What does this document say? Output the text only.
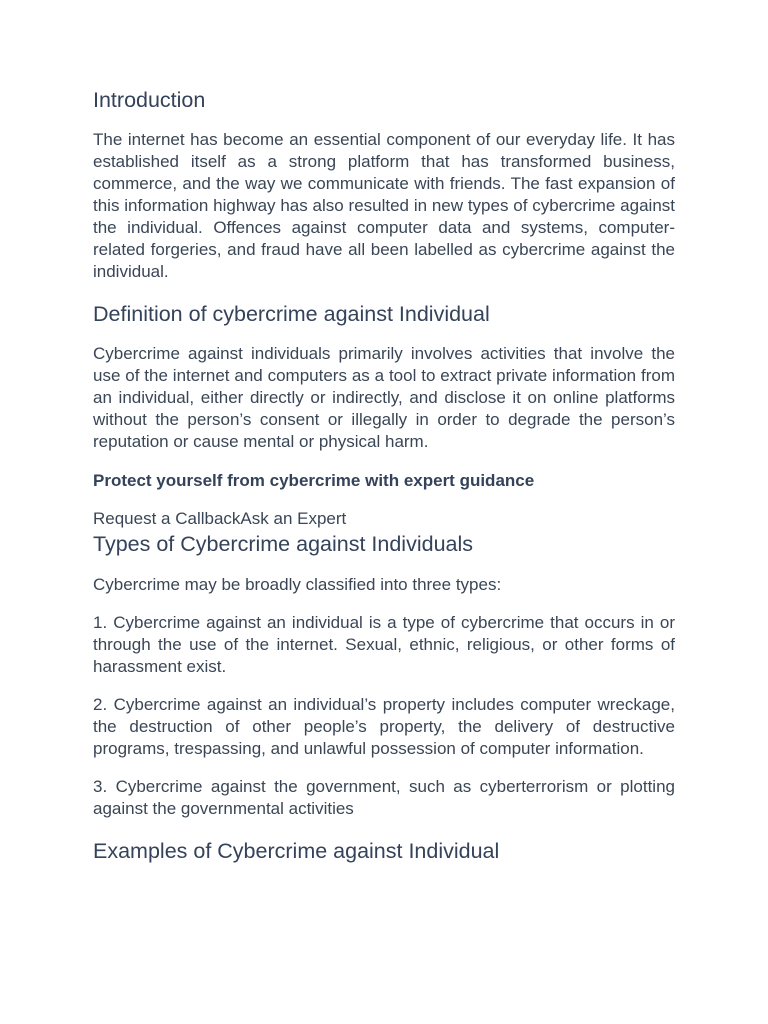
Introduction

The internet has become an essential component of our everyday life. It has established itself as a strong platform that has transformed business, commerce, and the way we communicate with friends. The fast expansion of this information highway has also resulted in new types of cybercrime against the individual. Offences against computer data and systems, computer-related forgeries, and fraud have all been labelled as cybercrime against the individual.

Definition of cybercrime against Individual

Cybercrime against individuals primarily involves activities that involve the use of the internet and computers as a tool to extract private information from an individual, either directly or indirectly, and disclose it on online platforms without the person’s consent or illegally in order to degrade the person’s reputation or cause mental or physical harm.

Protect yourself from cybercrime with expert guidance
Request a CallbackAsk an Expert
Types of Cybercrime against Individuals

Cybercrime may be broadly classified into three types:

1. Cybercrime against an individual is a type of cybercrime that occurs in or through the use of the internet. Sexual, ethnic, religious, or other forms of harassment exist.

2. Cybercrime against an individual’s property includes computer wreckage, the destruction of other people’s property, the delivery of destructive programs, trespassing, and unlawful possession of computer information.

3. Cybercrime against the government, such as cyberterrorism or plotting against the governmental activities

Examples of Cybercrime against Individual
